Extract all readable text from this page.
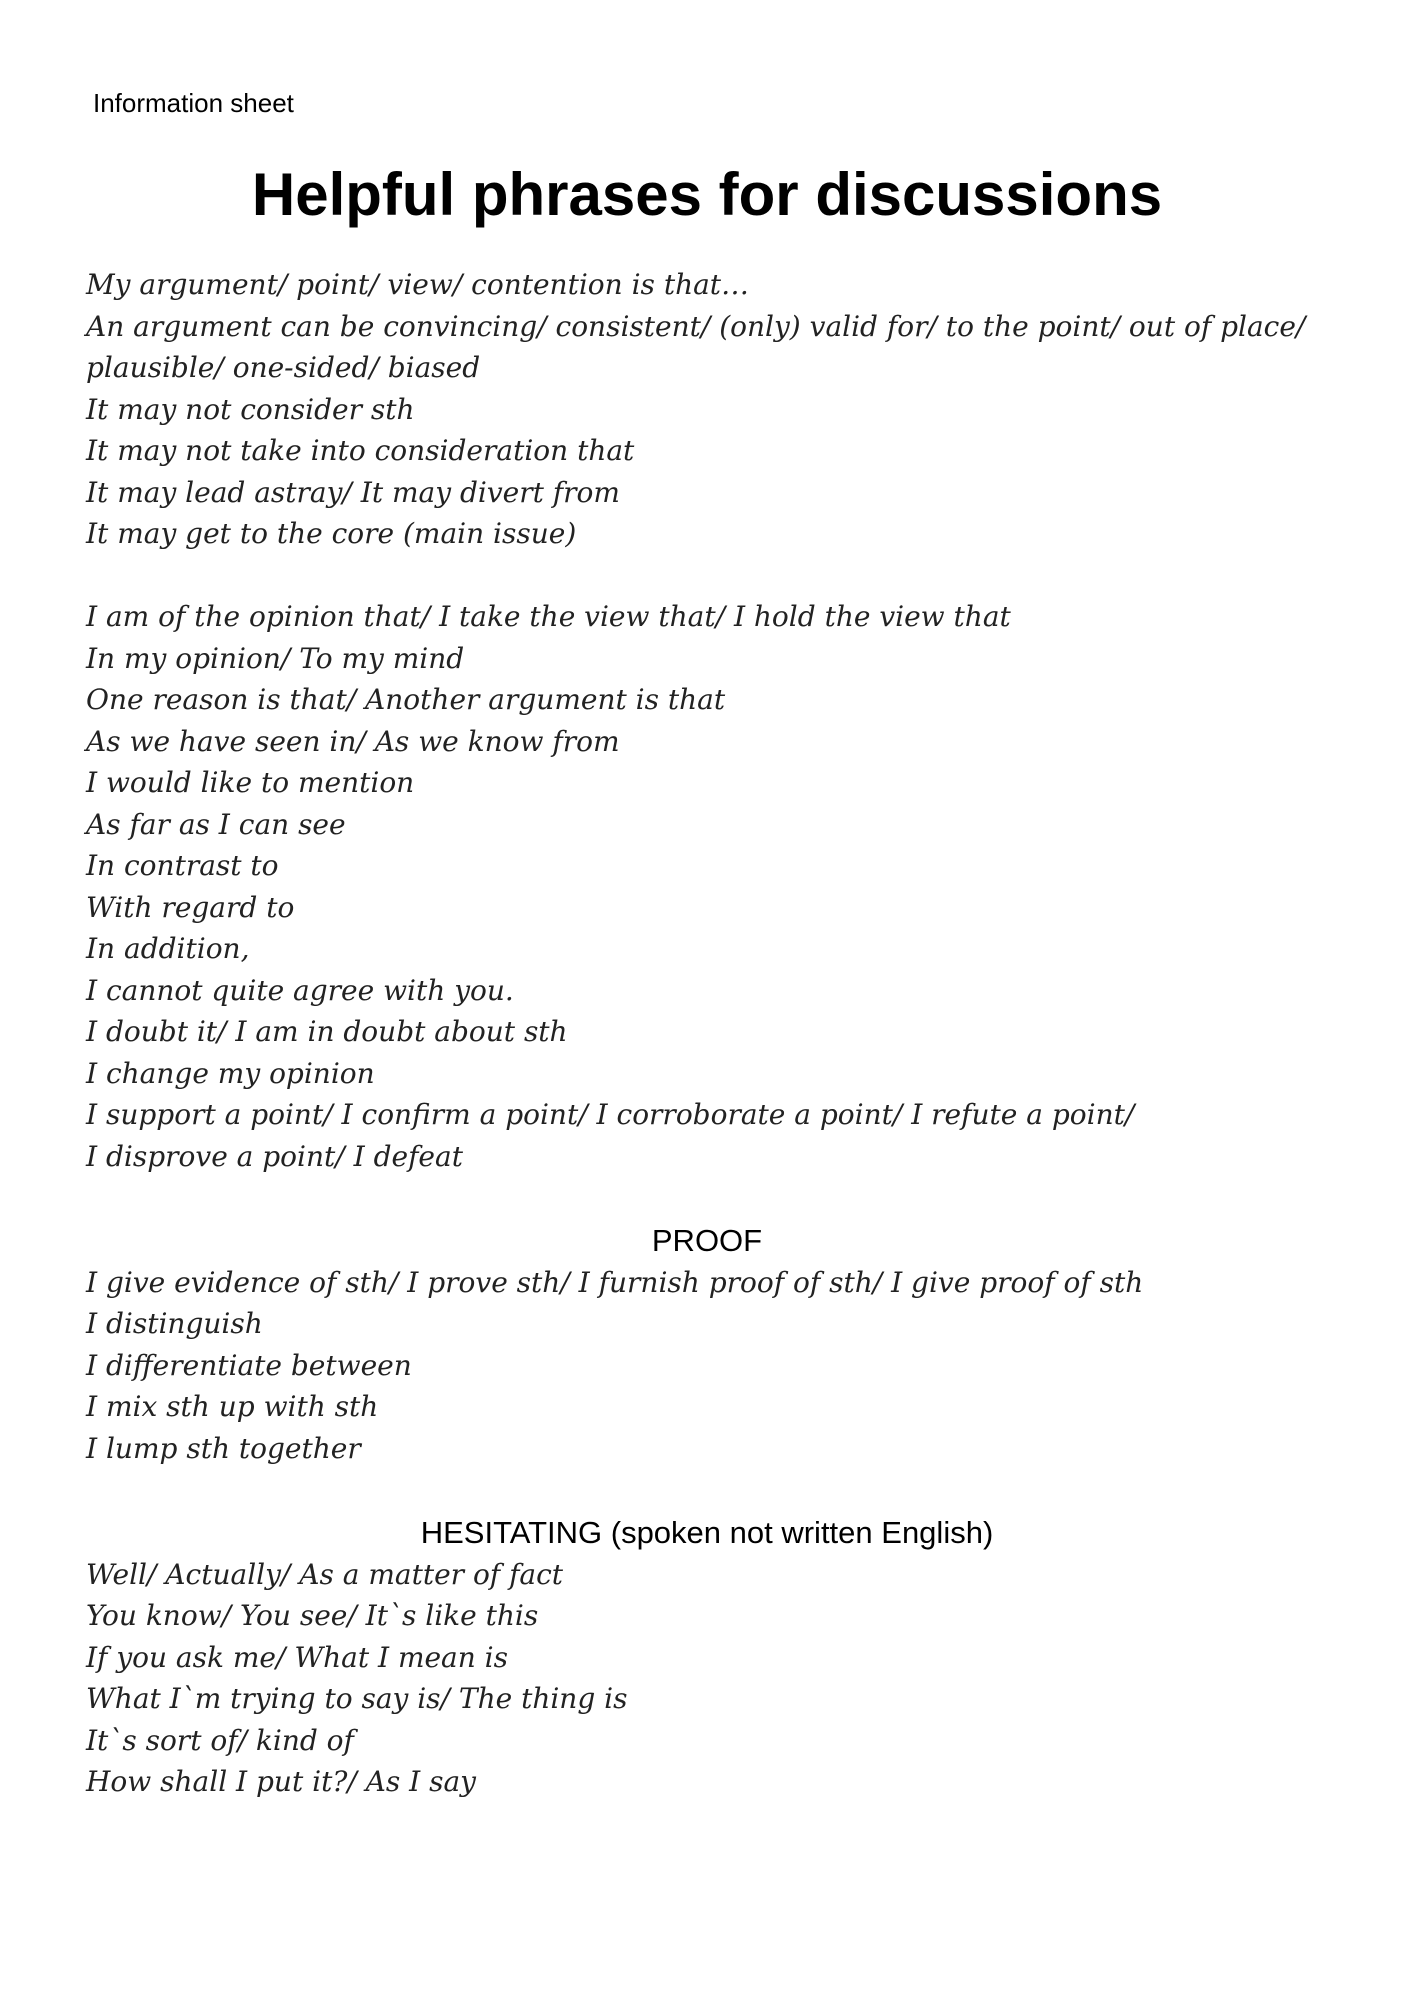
Information sheet
Helpful phrases for discussions
My argument/ point/ view/ contention is that…
An argument can be convincing/ consistent/ (only) valid for/ to the point/ out of place/
plausible/ one-sided/ biased
It may not consider sth
It may not take into consideration that
It may lead astray/ It may divert from
It may get to the core (main issue)
I am of the opinion that/ I take the view that/ I hold the view that
In my opinion/ To my mind
One reason is that/ Another argument is that
As we have seen in/ As we know from
I would like to mention
As far as I can see
In contrast to
With regard to
In addition,
I cannot quite agree with you.
I doubt it/ I am in doubt about sth
I change my opinion
I support a point/ I confirm a point/ I corroborate a point/ I refute a point/
I disprove a point/ I defeat
PROOF
I give evidence of sth/ I prove sth/ I furnish proof of sth/ I give proof of sth
I distinguish
I differentiate between
I mix sth up with sth
I lump sth together
HESITATING (spoken not written English)
Well/ Actually/ As a matter of fact
You know/ You see/ It`s like this
If you ask me/ What I mean is
What I`m trying to say is/ The thing is
It`s sort of/ kind of
How shall I put it?/ As I say
